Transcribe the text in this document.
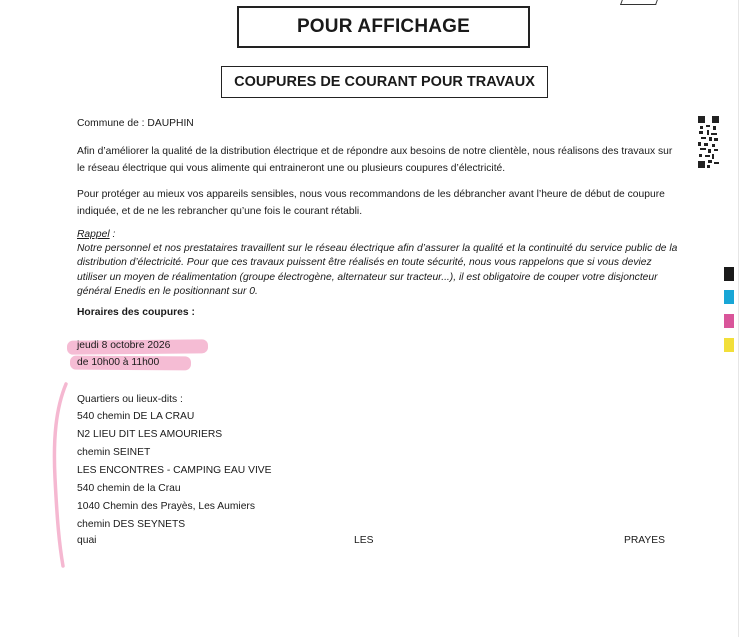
POUR AFFICHAGE
COUPURES DE COURANT POUR TRAVAUX
Commune de : DAUPHIN
Afin d’améliorer la qualité de la distribution électrique et de répondre aux besoins de notre clientèle, nous réalisons des travaux sur le réseau électrique qui vous alimente qui entraineront une ou plusieurs coupures d’électricité.
Pour protéger au mieux vos appareils sensibles, nous vous recommandons de les débrancher avant l’heure de début de coupure indiquée, et de ne les rebrancher qu’une fois le courant rétabli.
Rappel :
Notre personnel et nos prestataires travaillent sur le réseau électrique afin d’assurer la qualité et la continuité du service public de la distribution d’électricité. Pour que ces travaux puissent être réalisés en toute sécurité, nous vous rappelons que si vous deviez utiliser un moyen de réalimentation (groupe électrogène, alternateur sur tracteur...), il est obligatoire de couper votre disjoncteur général Enedis en le positionnant sur 0.
Horaires des coupures :
jeudi 8 octobre 2026
de 10h00 à 11h00
Quartiers ou lieux-dits :
540 chemin DE LA CRAU
N2 LIEU DIT LES AMOURIERS
chemin SEINET
LES ENCONTRES - CAMPING EAU VIVE
540 chemin de la Crau
1040 Chemin des Prayès, Les Aumiers
chemin DES SEYNETS
quai	LES	PRAYES
